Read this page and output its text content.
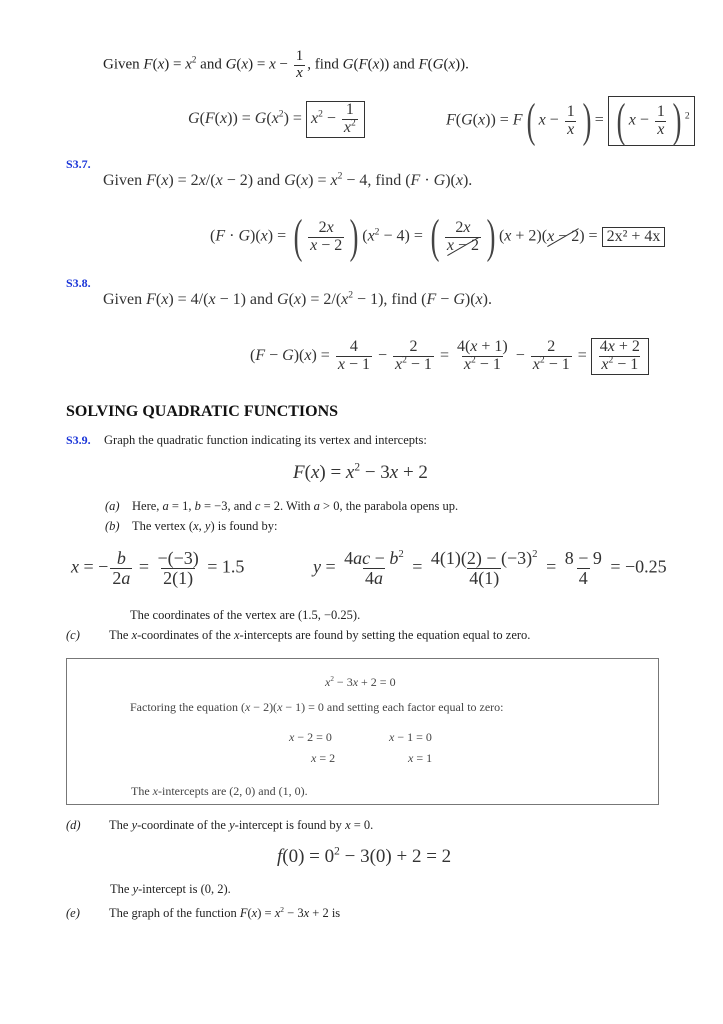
Given $F(x) = x^2$ and $G(x) = x - \frac{1}{x}$ , find G(F(x)) and F(G(x)).
$G(F(x)) = G(x^2) = x^2 - \frac{1}{x^2}$	F(G(x)) = F( $x - \frac{1}{x}$ ) = ( $x - \frac{1}{x}$ ) $^2$
S3.7.
Given F(x) = 2x/(x − 2) and $G(x) = x^2 - 4$, find (F · G)(x).
(F · G)(x) = ( $\frac{2x}{x - 2}$ ) $(x^2 - 4)$ = ( $\frac{2x}{x - 2}$ ) (x + 2)(x − 2) = 2x² + 4x
S3.8.
Given F(x) = 4/(x − 1) and $G(x) = 2/(x^2 - 1)$, find (F − G)(x).
$(F - G)(x) = \frac{4}{x - 1} - \frac{2}{x^2 - 1} = \frac{4(x + 1)}{x^2 - 1} - \frac{2}{x^2 - 1} = \frac{4x + 2}{x^2 - 1}$
SOLVING QUADRATIC FUNCTIONS
S3.9. Graph the quadratic function indicating its vertex and intercepts:
$F(x) = x^2 - 3x + 2$
(a) Here, a = 1, b = −3, and c = 2. With a > 0, the parabola opens up.
(b) The vertex (x, y) is found by:
x = − $\frac{b}{2a} = \frac{-(-3)}{2(1)} = 1.5$	$y = \frac{4ac - b^2}{4a} = \frac{4(1)(2) - (-3)^2}{4(1)} = \frac{8 - 9}{4} = -0.25$
The coordinates of the vertex are (1.5, −0.25).
(c) The x-coordinates of the x-intercepts are found by setting the equation equal to zero.
$x^2 - 3x + 2 = 0$
Factoring the equation (x − 2)(x − 1) = 0 and setting each factor equal to zero:
x − 2 = 0
x = 2
x − 1 = 0
x = 1
The x-intercepts are (2, 0) and (1, 0).
(d) The y-coordinate of the y-intercept is found by x = 0.
$f(0) = 0^2 - 3(0) + 2 = 2$
The y-intercept is (0, 2).
(e) The graph of the function $F(x) = x^2 - 3x + 2$ is
